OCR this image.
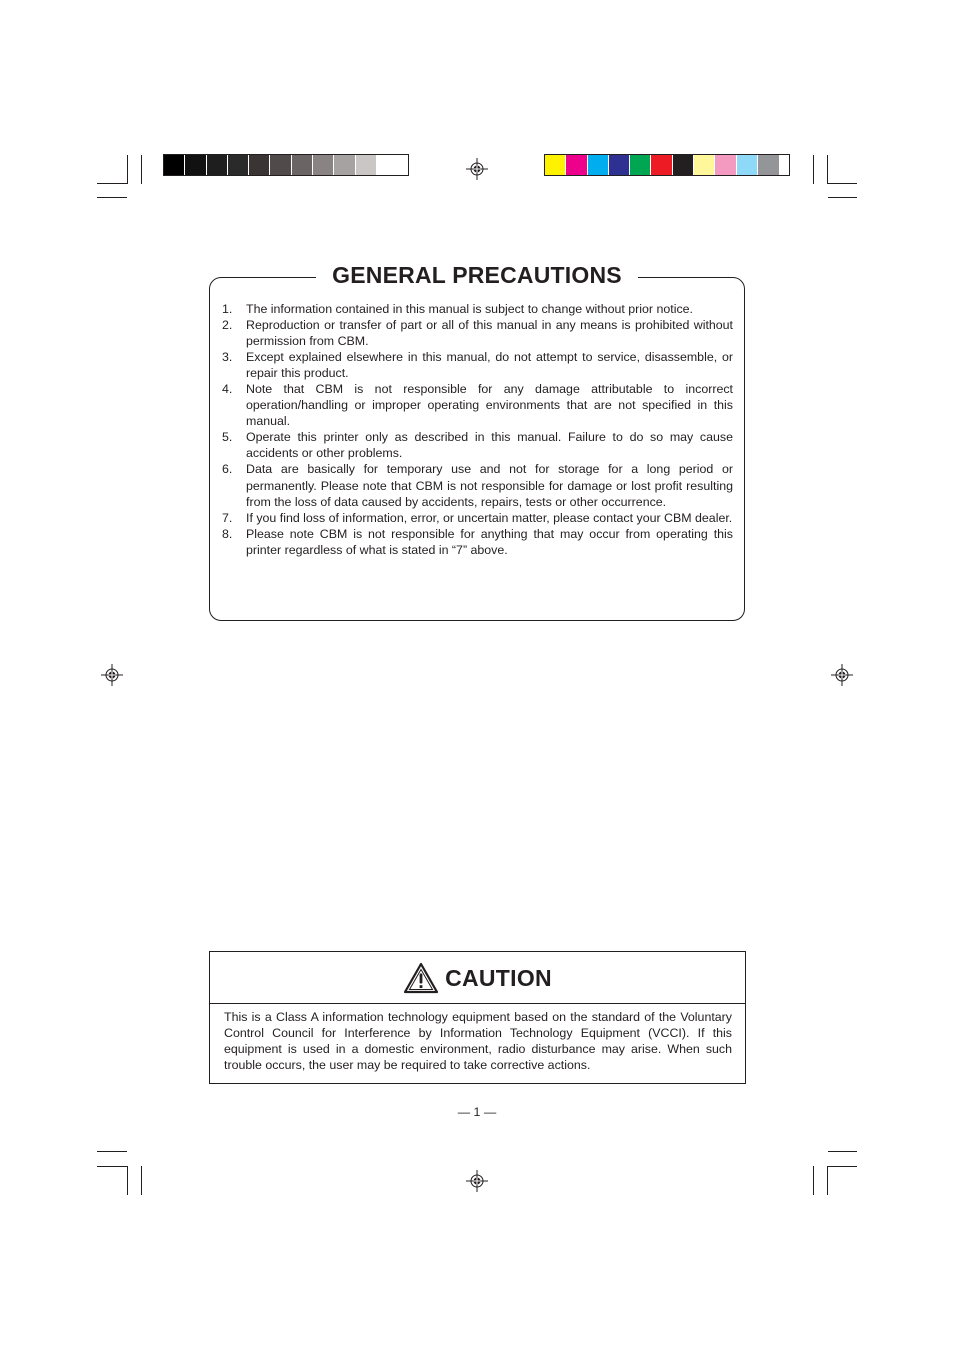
GENERAL PRECAUTIONS
1.	The information contained in this manual is subject to change without prior notice.
2.	Reproduction or transfer of part or all of this manual in any means is prohibited without permission from CBM.
3.	Except explained elsewhere in this manual, do not attempt to service, disassemble, or repair this product.
4.	Note that CBM is not responsible for any damage attributable to incorrect operation/handling or improper operating environments that are not specified in this manual.
5.	Operate this printer only as described in this manual. Failure to do so may cause accidents or other problems.
6.	Data are basically for temporary use and not for storage for a long period or permanently. Please note that CBM is not responsible for damage or lost profit resulting from the loss of data caused by accidents, repairs, tests or other occurrence.
7.	If you find loss of information, error, or uncertain matter, please contact your CBM dealer.
8.	Please note CBM is not responsible for anything that may occur from operating this printer regardless of what is stated in “7” above.
CAUTION
This is a Class A information technology equipment based on the standard of the Voluntary Control Council for Interference by Information Technology Equipment (VCCI). If this equipment is used in a domestic environment, radio disturbance may arise. When such trouble occurs, the user may be required to take corrective actions.
— 1 —
